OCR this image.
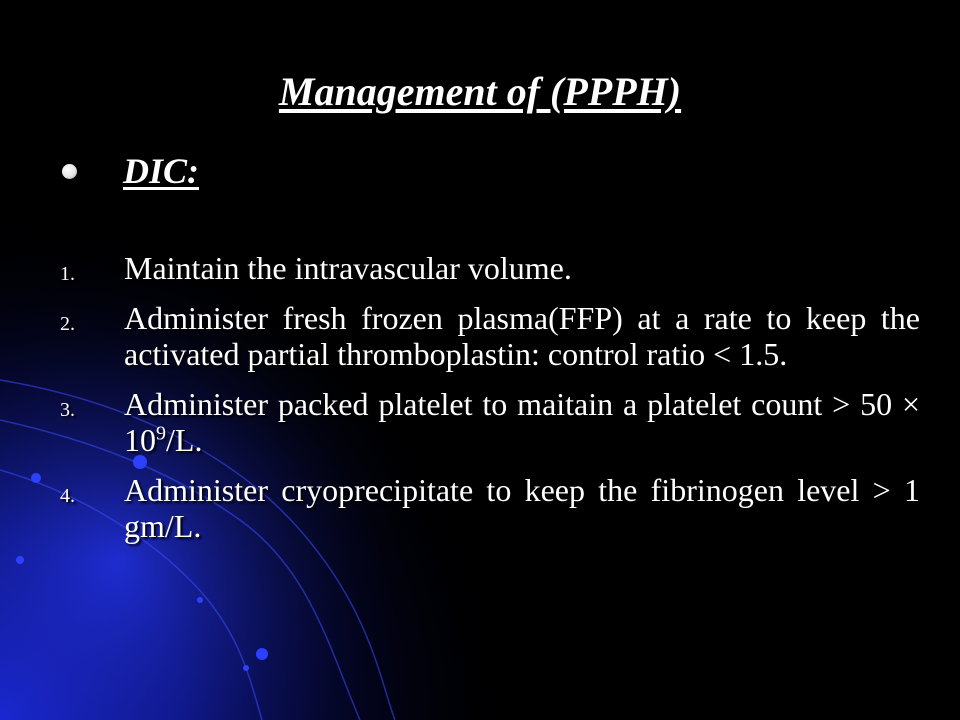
Management of (PPPH)
DIC:
1. Maintain the intravascular volume.
2. Administer fresh frozen plasma(FFP) at a rate to keep the activated partial thromboplastin: control ratio < 1.5.
3. Administer packed platelet to maitain a platelet count > $50 \times 10^9/L$.
4. Administer cryoprecipitate to keep the fibrinogen level > 1 gm/L.
